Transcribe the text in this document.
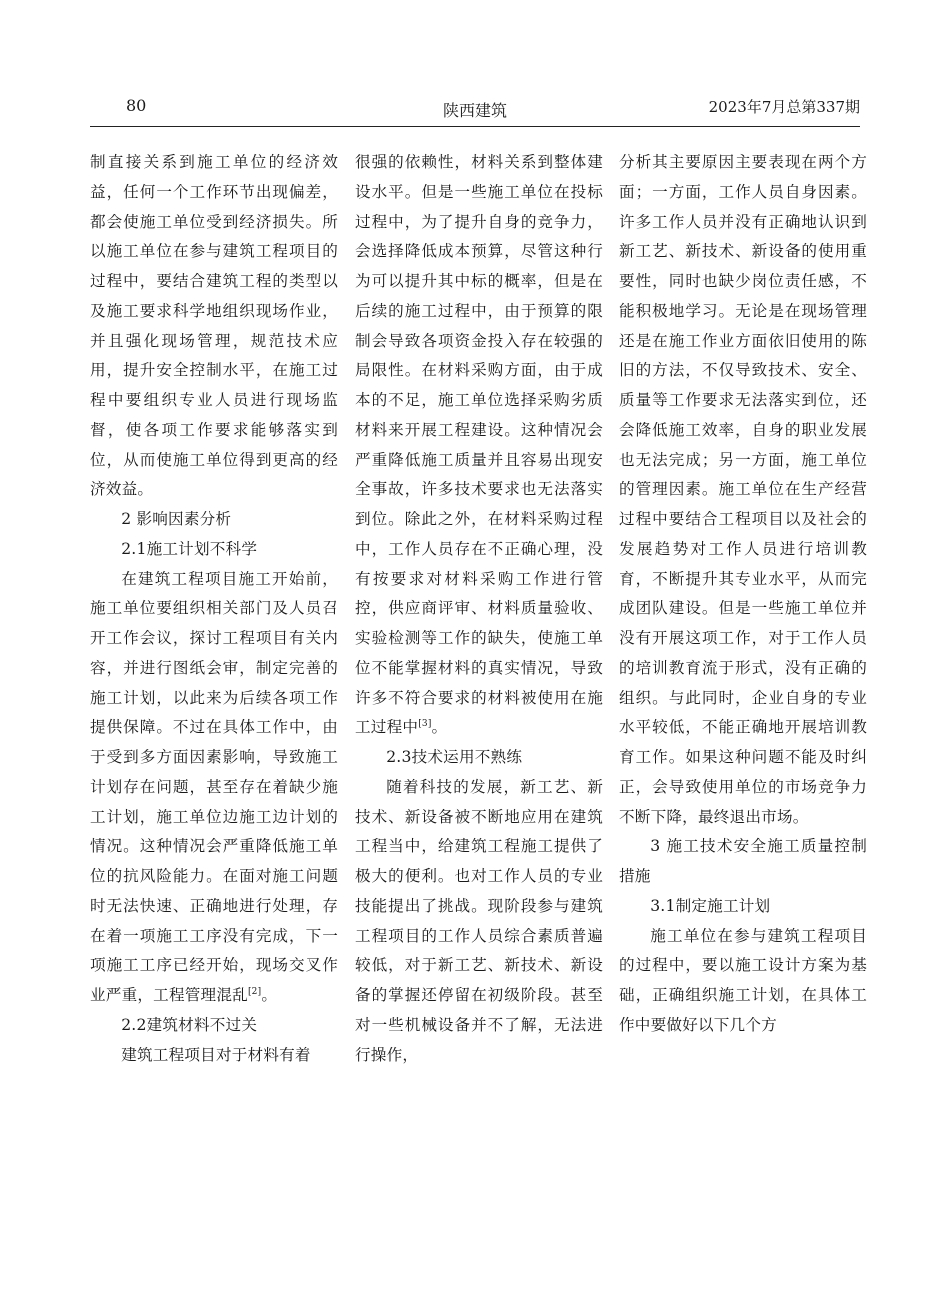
80	陕西建筑	2023年7月总第337期

制直接关系到施工单位的经济效益，任何一个工作环节出现偏差，都会使施工单位受到经济损失。所以施工单位在参与建筑工程项目的过程中，要结合建筑工程的类型以及施工要求科学地组织现场作业，并且强化现场管理，规范技术应用，提升安全控制水平，在施工过程中要组织专业人员进行现场监督，使各项工作要求能够落实到位，从而使施工单位得到更高的经济效益。

2 影响因素分析

2.1施工计划不科学

在建筑工程项目施工开始前，施工单位要组织相关部门及人员召开工作会议，探讨工程项目有关内容，并进行图纸会审，制定完善的施工计划，以此来为后续各项工作提供保障。不过在具体工作中，由于受到多方面因素影响，导致施工计划存在问题，甚至存在着缺少施工计划，施工单位边施工边计划的情况。这种情况会严重降低施工单位的抗风险能力。在面对施工问题时无法快速、正确地进行处理，存在着一项施工工序没有完成，下一项施工工序已经开始，现场交叉作业严重，工程管理混乱[2]。

2.2建筑材料不过关

建筑工程项目对于材料有着

很强的依赖性，材料关系到整体建设水平。但是一些施工单位在投标过程中，为了提升自身的竞争力，会选择降低成本预算，尽管这种行为可以提升其中标的概率，但是在后续的施工过程中，由于预算的限制会导致各项资金投入存在较强的局限性。在材料采购方面，由于成本的不足，施工单位选择采购劣质材料来开展工程建设。这种情况会严重降低施工质量并且容易出现安全事故，许多技术要求也无法落实到位。除此之外，在材料采购过程中，工作人员存在不正确心理，没有按要求对材料采购工作进行管控，供应商评审、材料质量验收、实验检测等工作的缺失，使施工单位不能掌握材料的真实情况，导致许多不符合要求的材料被使用在施工过程中[3]。

2.3技术运用不熟练

随着科技的发展，新工艺、新技术、新设备被不断地应用在建筑工程当中，给建筑工程施工提供了极大的便利。也对工作人员的专业技能提出了挑战。现阶段参与建筑工程项目的工作人员综合素质普遍较低，对于新工艺、新技术、新设备的掌握还停留在初级阶段。甚至对一些机械设备并不了解，无法进行操作，

分析其主要原因主要表现在两个方面；一方面，工作人员自身因素。许多工作人员并没有正确地认识到新工艺、新技术、新设备的使用重要性，同时也缺少岗位责任感，不能积极地学习。无论是在现场管理还是在施工作业方面依旧使用的陈旧的方法，不仅导致技术、安全、质量等工作要求无法落实到位，还会降低施工效率，自身的职业发展也无法完成；另一方面，施工单位的管理因素。施工单位在生产经营过程中要结合工程项目以及社会的发展趋势对工作人员进行培训教育，不断提升其专业水平，从而完成团队建设。但是一些施工单位并没有开展这项工作，对于工作人员的培训教育流于形式，没有正确的组织。与此同时，企业自身的专业水平较低，不能正确地开展培训教育工作。如果这种问题不能及时纠正，会导致使用单位的市场竞争力不断下降，最终退出市场。

3 施工技术安全施工质量控制措施

3.1制定施工计划

施工单位在参与建筑工程项目的过程中，要以施工设计方案为基础，正确组织施工计划，在具体工作中要做好以下几个方
